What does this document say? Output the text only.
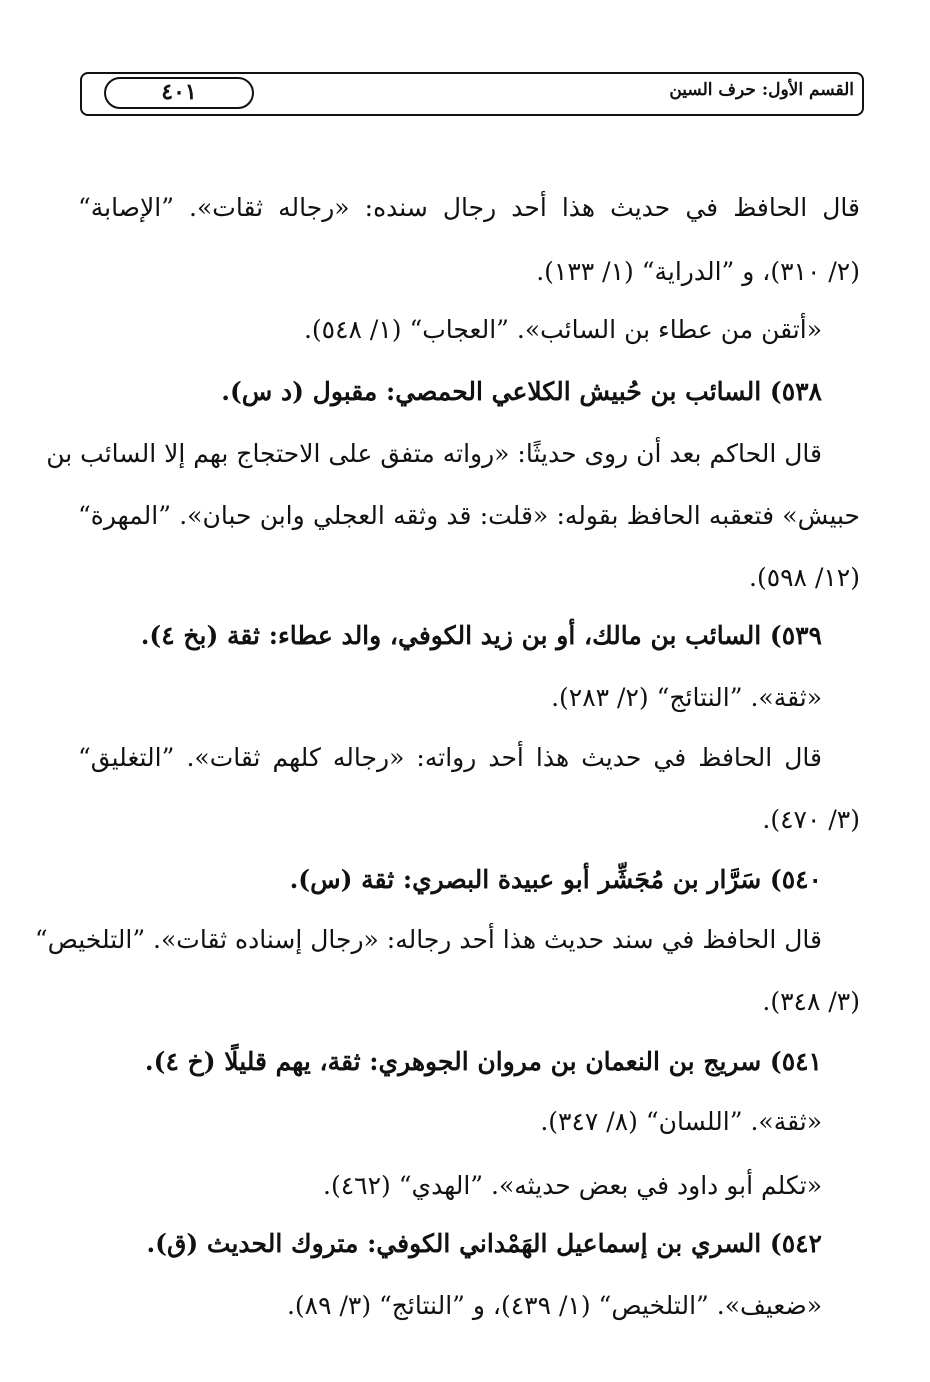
٤٠١	القسم الأول: حرف السين
قال الحافظ في حديث هذا أحد رجال سنده: «رجاله ثقات». ”الإصابة“
(٢/ ٣١٠)، و ”الدراية“ (١/ ١٣٣).
«أتقن من عطاء بن السائب». ”العجاب“ (١/ ٥٤٨).
٥٣٨) السائب بن حُبيش الكلاعي الحمصي: مقبول (د س).
قال الحاكم بعد أن روى حديثًا: «رواته متفق على الاحتجاج بهم إلا السائب بن
حبيش» فتعقبه الحافظ بقوله: «قلت: قد وثقه العجلي وابن حبان». ”المهرة“
(١٢/ ٥٩٨).
٥٣٩) السائب بن مالك، أو بن زيد الكوفي، والد عطاء: ثقة (بخ ٤).
«ثقة». ”النتائج“ (٢/ ٢٨٣).
قال الحافظ في حديث هذا أحد رواته: «رجاله كلهم ثقات». ”التغليق“
(٣/ ٤٧٠).
٥٤٠) سَرَّار بن مُجَشِّر أبو عبيدة البصري: ثقة (س).
قال الحافظ في سند حديث هذا أحد رجاله: «رجال إسناده ثقات». ”التلخيص“
(٣/ ٣٤٨).
٥٤١) سريج بن النعمان بن مروان الجوهري: ثقة، يهم قليلًا (خ ٤).
«ثقة». ”اللسان“ (٨/ ٣٤٧).
«تكلم أبو داود في بعض حديثه». ”الهدي“ (٤٦٢).
٥٤٢) السري بن إسماعيل الهَمْداني الكوفي: متروك الحديث (ق).
«ضعيف». ”التلخيص“ (١/ ٤٣٩)، و ”النتائج“ (٣/ ٨٩).
